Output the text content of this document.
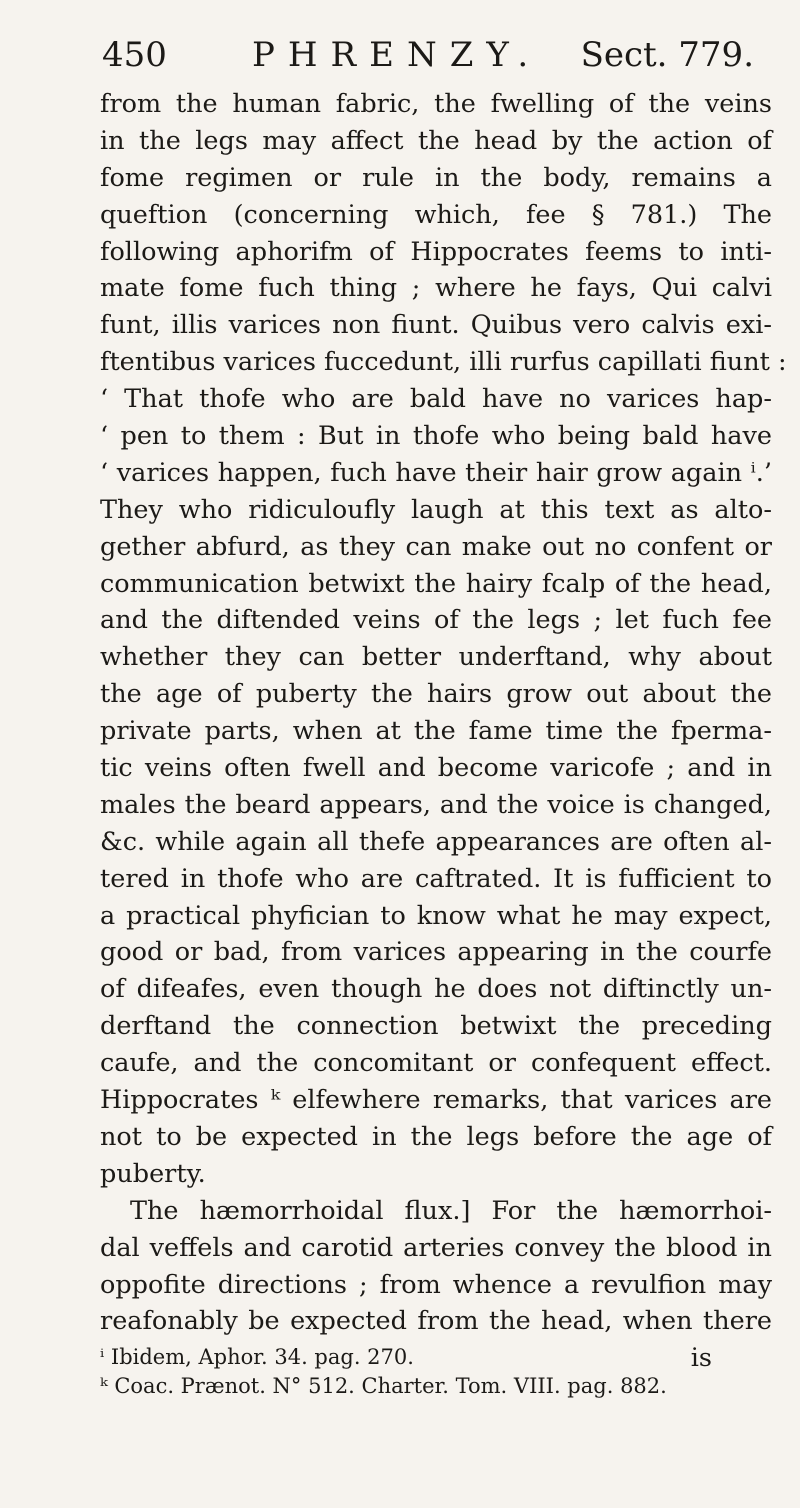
450	PHRENZY. Sect. 779.
from the human fabric, the fwelling of the veins
in the legs may affect the head by the action of
fome regimen or rule in the body, remains a
queftion (concerning which, fee § 781.) The
following aphorifm of Hippocrates feems to inti-
mate fome fuch thing ; where he fays, Qui calvi
funt, illis varices non fiunt. Quibus vero calvis exi-
ftentibus varices fuccedunt, illi rurfus capillati fiunt :
‘ That thofe who are bald have no varices hap-
‘ pen to them : But in thofe who being bald have
‘ varices happen, fuch have their hair grow again ⁱ.’
They who ridiculoufly laugh at this text as alto-
gether abfurd, as they can make out no confent or
communication betwixt the hairy fcalp of the head,
and the diftended veins of the legs ; let fuch fee
whether they can better underftand, why about
the age of puberty the hairs grow out about the
private parts, when at the fame time the fperma-
tic veins often fwell and become varicofe ; and in
males the beard appears, and the voice is changed,
&c. while again all thefe appearances are often al-
tered in thofe who are caftrated. It is fufficient to
a practical phyfician to know what he may expect,
good or bad, from varices appearing in the courfe
of difeafes, even though he does not diftinctly un-
derftand the connection betwixt the preceding
caufe, and the concomitant or confequent effect.
Hippocrates ᵏ elfewhere remarks, that varices are
not to be expected in the legs before the age of
puberty.
The hæmorrhoidal flux.] For the hæmorrhoi-
dal veffels and carotid arteries convey the blood in
oppofite directions ; from whence a revulfion may
reafonably be expected from the head, when there
is
ⁱ Ibidem, Aphor. 34. pag. 270.
ᵏ Coac. Prænot. N° 512. Charter. Tom. VIII. pag. 882.
